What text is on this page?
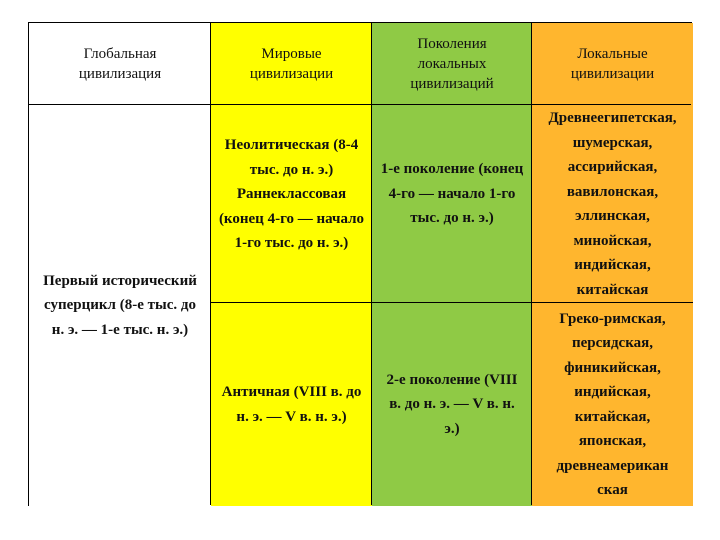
Глобальная цивилизация
Мировые цивилизации
Поколения локальных цивилизаций
Локальные цивилизации
Первый исторический суперцикл (8-е тыс. до н. э. — 1-е тыс. н. э.)
Неолитическая (8-4 тыс. до н. э.) Раннеклассовая (конец 4-го — начало 1-го тыс. до н. э.)
1-е поколение (конец 4-го — начало 1-го тыс. до н. э.)
Древнеегипетская,
шумерская,
ассирийская,
вавилонская,
эллинская,
минойская,
индийская,
китайская
Античная (VIII в. до н. э. — V в. н. э.)
2-е поколение (VIII в. до н. э. — V в. н. э.)
Греко-римская,
персидская,
финикийская,
индийская,
китайская,
японская,
древнеамерикан
ская
